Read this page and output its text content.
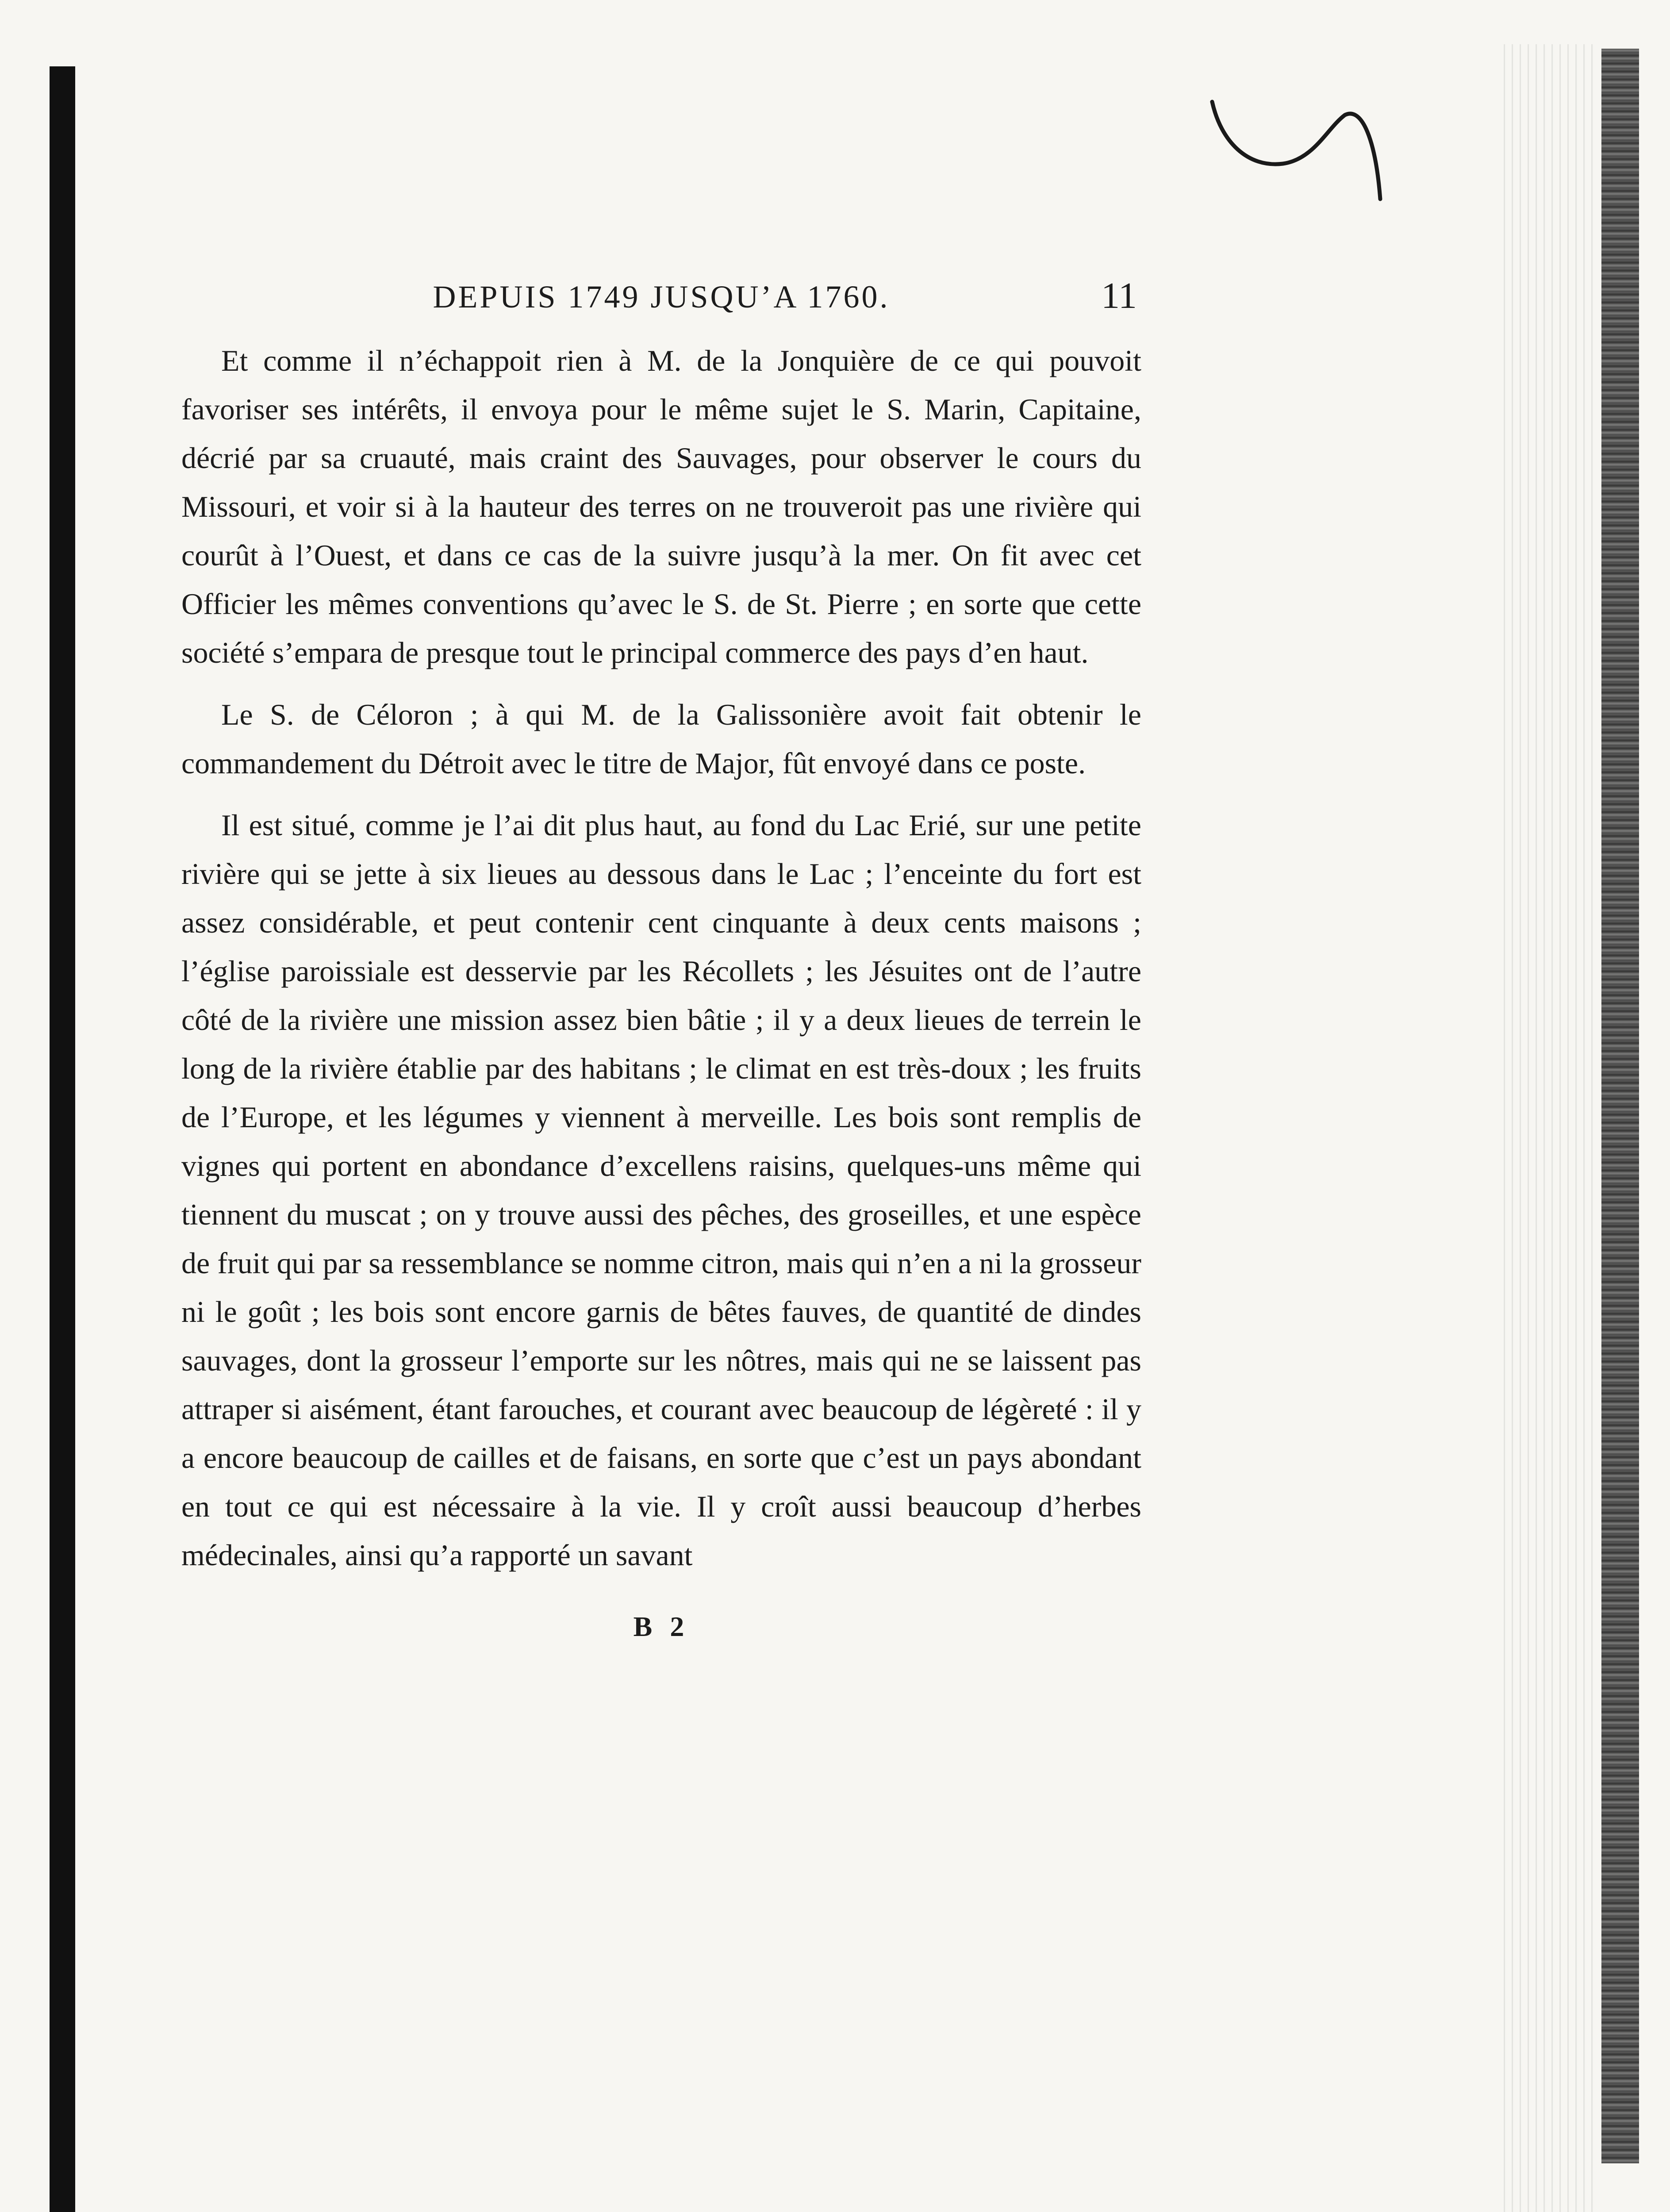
DEPUIS 1749 JUSQU’A 1760.	11

Et comme il n’échappoit rien à M. de la Jonquière de ce qui pouvoit favoriser ses intérêts, il envoya pour le même sujet le S. Marin, Capitaine, décrié par sa cruauté, mais craint des Sauvages, pour observer le cours du Missouri, et voir si à la hauteur des terres on ne trouveroit pas une rivière qui courût à l’Ouest, et dans ce cas de la suivre jusqu’à la mer. On fit avec cet Officier les mêmes conventions qu’avec le S. de St. Pierre ; en sorte que cette société s’empara de presque tout le principal commerce des pays d’en haut.

Le S. de Céloron ; à qui M. de la Galissonière avoit fait obtenir le commandement du Détroit avec le titre de Major, fût envoyé dans ce poste.

Il est situé, comme je l’ai dit plus haut, au fond du Lac Erié, sur une petite rivière qui se jette à six lieues au dessous dans le Lac ; l’enceinte du fort est assez considérable, et peut contenir cent cinquante à deux cents maisons ; l’église paroissiale est desservie par les Récollets ; les Jésuites ont de l’autre côté de la rivière une mission assez bien bâtie ; il y a deux lieues de terrein le long de la rivière établie par des habitans ; le climat en est très-doux ; les fruits de l’Europe, et les légumes y viennent à merveille. Les bois sont remplis de vignes qui portent en abondance d’excellens raisins, quelques-uns même qui tiennent du muscat ; on y trouve aussi des pêches, des groseilles, et une espèce de fruit qui par sa ressemblance se nomme citron, mais qui n’en a ni la grosseur ni le goût ; les bois sont encore garnis de bêtes fauves, de quantité de dindes sauvages, dont la grosseur l’emporte sur les nôtres, mais qui ne se laissent pas attraper si aisément, étant farouches, et courant avec beaucoup de légèreté : il y a encore beaucoup de cailles et de faisans, en sorte que c’est un pays abondant en tout ce qui est nécessaire à la vie. Il y croît aussi beaucoup d’herbes médecinales, ainsi qu’a rapporté un savant

B 2
